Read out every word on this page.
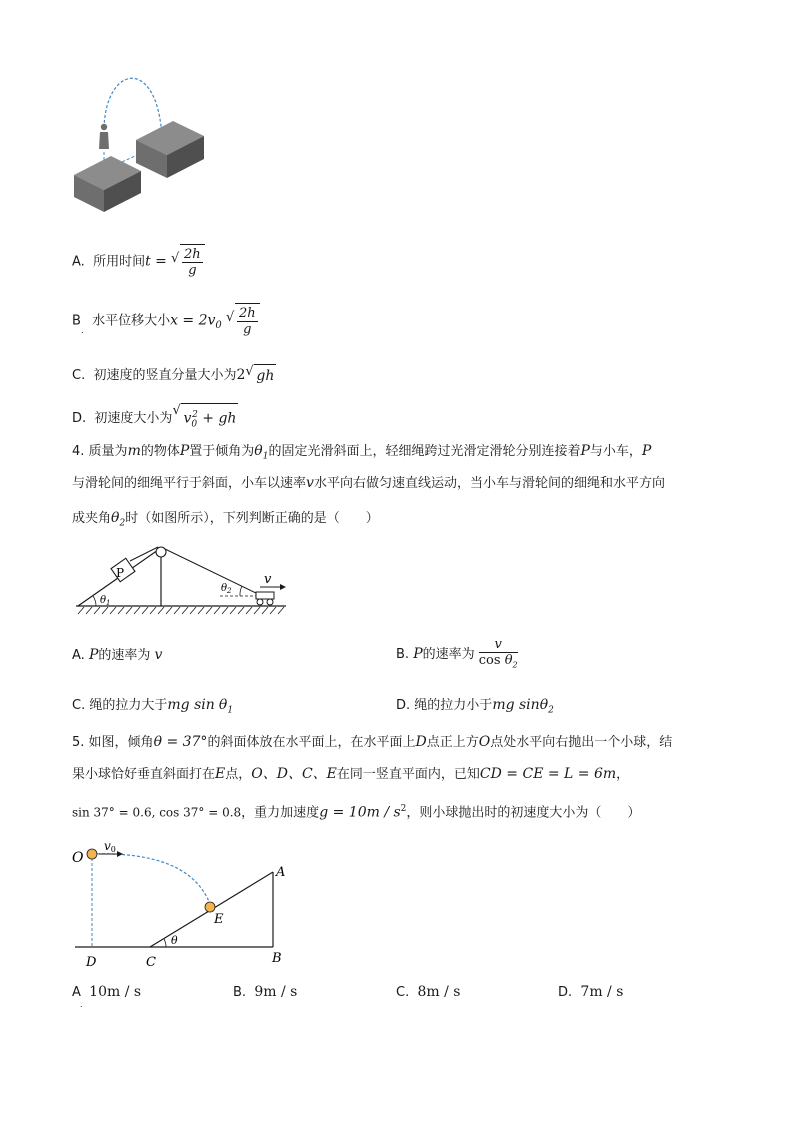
A. 所用时间t = √ $\frac{2h}{g}$
$B_.$  水平位移大小$x = 2v_0$
√ $\frac{2h}{g}$
C. 初速度的竖直分量大小为2 √ gh
D. 初速度大小为
√
$v_0^2$ + gh
4. 质量为m的物体P置于倾角为$\theta_1$的固定光滑斜面上，轻细绳跨过光滑定滑轮分别连接着P与小车，P
与滑轮间的细绳平行于斜面，小车以速率v水平向右做匀速直线运动，当小车与滑轮间的细绳和水平方向
成夹角$\theta_2$时（如图所示），下列判断正确的是（　　）
P	v
$\theta_1$
$\theta_2$
A. P的速率为 v	B. P的速率为 $\frac{v}{\cos \theta_2}$
C. 绳的拉力大于mg $\sin \theta_1$	D. 绳的拉力小于mg sinθ$_2$
5. 如图，倾角θ = 37°的斜面体放在水平面上，在水平面上D点正上方O点处水平向右抛出一个小球，结
果小球恰好垂直斜面打在E点，O、D、C、E在同一竖直平面内，已知CD = CE = L = 6m，
sin 37° = 0.6, cos 37° = 0.8，重力加速度$g = 10m / s^2$，则小球抛出时的初速度大小为（　　）
v0
O
A
E
B
D	C
θ
A 10m / s
.
B. 9m / s	C. 8m / s	D. 7m / s
